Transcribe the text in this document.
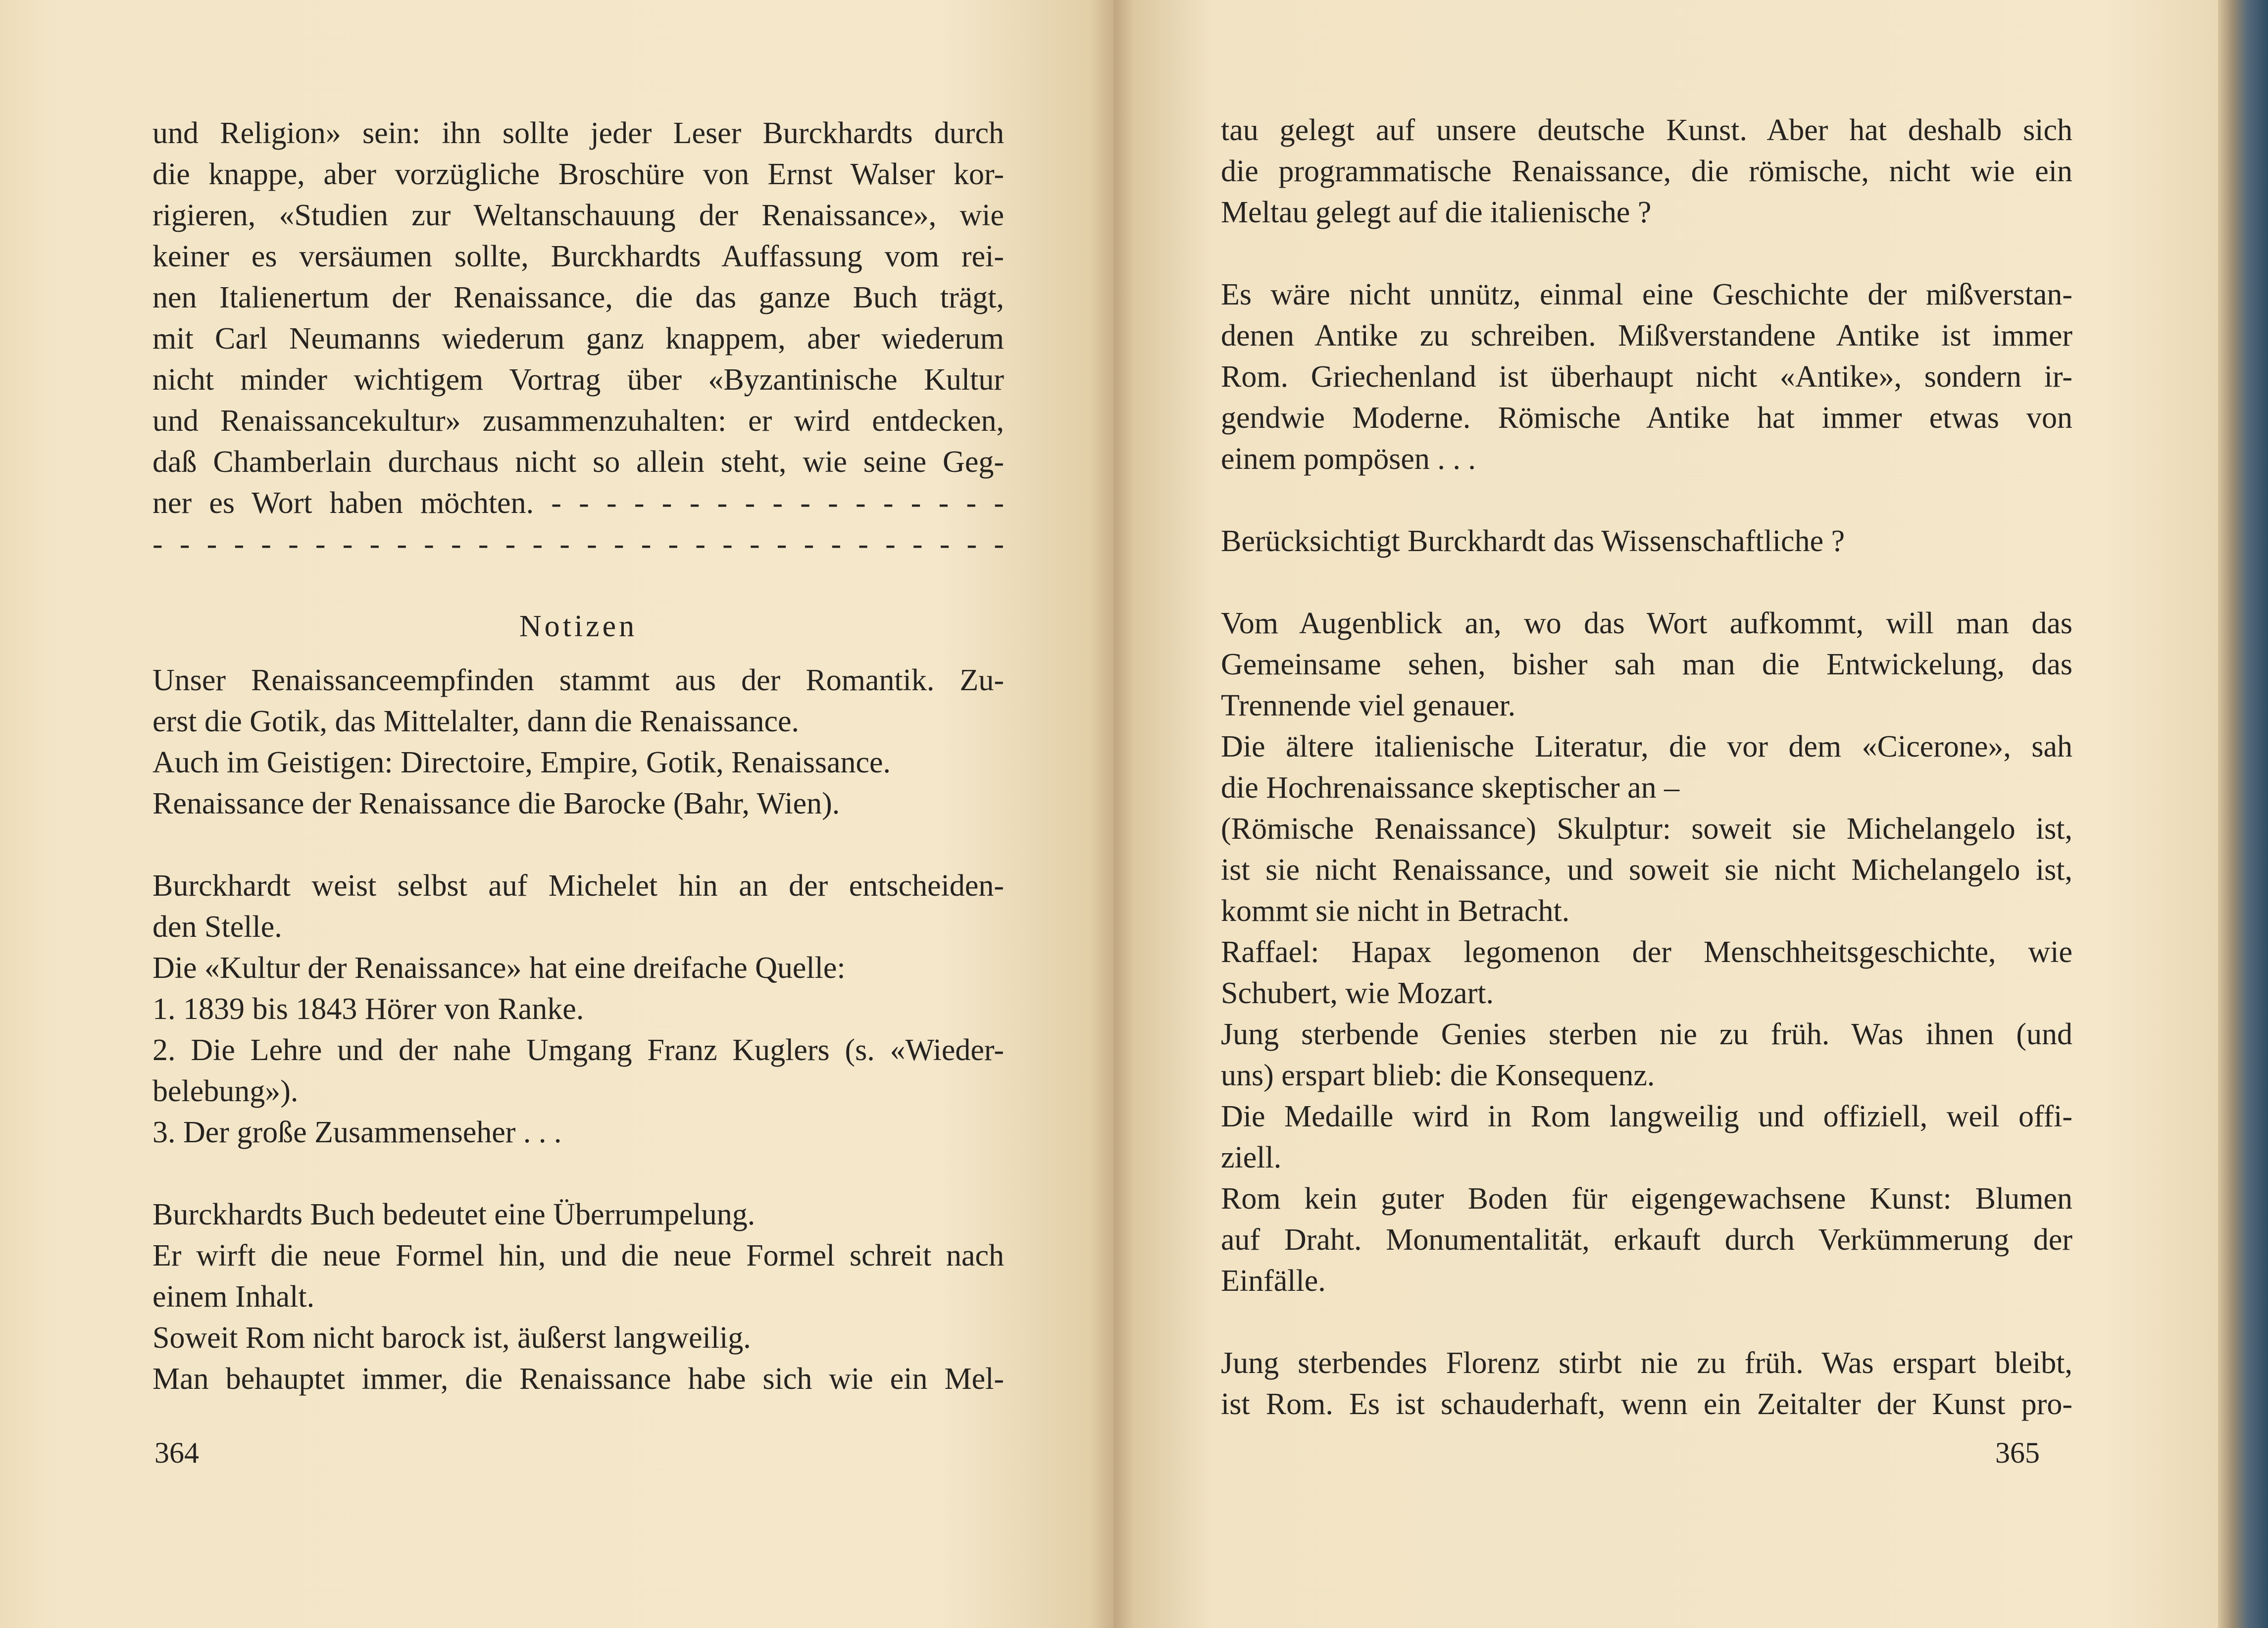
und Religion» sein: ihn sollte jeder Leser Burckhardts durch
die knappe, aber vorzügliche Broschüre von Ernst Walser kor-
rigieren, «Studien zur Weltanschauung der Renaissance», wie
keiner es versäumen sollte, Burckhardts Auffassung vom rei-
nen Italienertum der Renaissance, die das ganze Buch trägt,
mit Carl Neumanns wiederum ganz knappem, aber wiederum
nicht minder wichtigem Vortrag über «Byzantinische Kultur
und Renaissancekultur» zusammenzuhalten: er wird entdecken,
daß Chamberlain durchaus nicht so allein steht, wie seine Geg-
ner es Wort haben möchten. - - - - - - - - - - - - - - - - -
- - - - - - - - - - - - - - - - - - - - - - - - - - - - - - - -
Notizen
Unser Renaissanceempfinden stammt aus der Romantik. Zu-
erst die Gotik, das Mittelalter, dann die Renaissance.
Auch im Geistigen: Directoire, Empire, Gotik, Renaissance.
Renaissance der Renaissance die Barocke (Bahr, Wien).
Burckhardt weist selbst auf Michelet hin an der entscheiden-
den Stelle.
Die «Kultur der Renaissance» hat eine dreifache Quelle:
1. 1839 bis 1843 Hörer von Ranke.
2. Die Lehre und der nahe Umgang Franz Kuglers (s. «Wieder-
belebung»).
3. Der große Zusammenseher . . .
Burckhardts Buch bedeutet eine Überrumpelung.
Er wirft die neue Formel hin, und die neue Formel schreit nach
einem Inhalt.
Soweit Rom nicht barock ist, äußerst langweilig.
Man behauptet immer, die Renaissance habe sich wie ein Mel-
364
tau gelegt auf unsere deutsche Kunst. Aber hat deshalb sich
die programmatische Renaissance, die römische, nicht wie ein
Meltau gelegt auf die italienische ?
Es wäre nicht unnütz, einmal eine Geschichte der mißverstan-
denen Antike zu schreiben. Mißverstandene Antike ist immer
Rom. Griechenland ist überhaupt nicht «Antike», sondern ir-
gendwie Moderne. Römische Antike hat immer etwas von
einem pompösen . . .
Berücksichtigt Burckhardt das Wissenschaftliche ?
Vom Augenblick an, wo das Wort aufkommt, will man das
Gemeinsame sehen, bisher sah man die Entwickelung, das
Trennende viel genauer.
Die ältere italienische Literatur, die vor dem «Cicerone», sah
die Hochrenaissance skeptischer an –
(Römische Renaissance) Skulptur: soweit sie Michelangelo ist,
ist sie nicht Renaissance, und soweit sie nicht Michelangelo ist,
kommt sie nicht in Betracht.
Raffael: Hapax legomenon der Menschheitsgeschichte, wie
Schubert, wie Mozart.
Jung sterbende Genies sterben nie zu früh. Was ihnen (und
uns) erspart blieb: die Konsequenz.
Die Medaille wird in Rom langweilig und offiziell, weil offi-
ziell.
Rom kein guter Boden für eigengewachsene Kunst: Blumen
auf Draht. Monumentalität, erkauft durch Verkümmerung der
Einfälle.
Jung sterbendes Florenz stirbt nie zu früh. Was erspart bleibt,
ist Rom. Es ist schauderhaft, wenn ein Zeitalter der Kunst pro-
365
